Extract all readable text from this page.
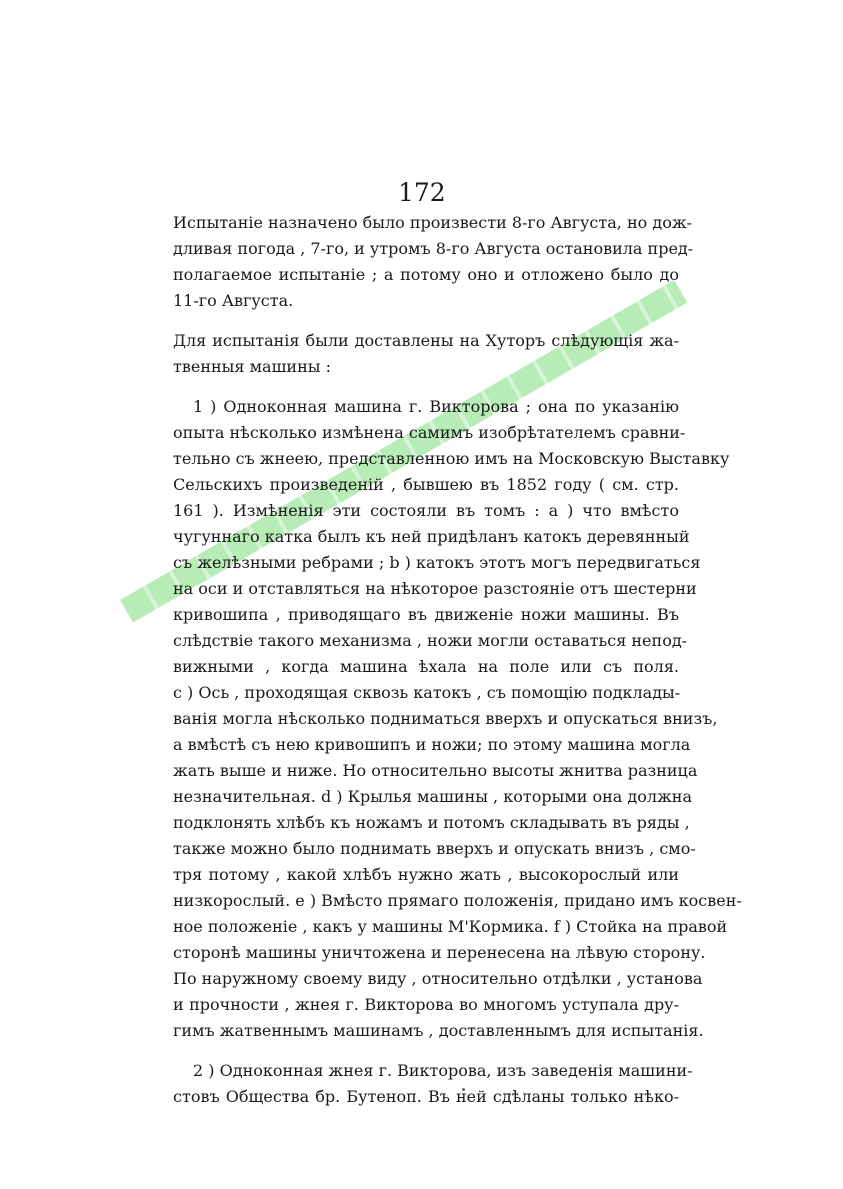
172
Испытаніе назначено было произвести 8-го Августа, но дож-
дливая погода , 7-го, и утромъ 8-го Августа остановила пред-
полагаемое испытаніе ; а потому оно и отложено было до
11-го Августа.
Для испытанія были доставлены на Хуторъ слѣдующія жа-
твенныя машины :
1 ) Одноконная машина г. Викторова ; она по указанію
опыта нѣсколько измѣнена самимъ изобрѣтателемъ сравни-
тельно съ жнеею, представленною имъ на Московскую Выставку
Сельскихъ произведеній , бывшею въ 1852 году ( см. стр.
161 ). Измѣненія эти состояли въ томъ : a ) что вмѣсто
чугуннаго катка былъ къ ней придѣланъ катокъ деревянный
съ желѣзными ребрами ; b ) катокъ этотъ могъ передвигаться
на оси и отставляться на нѣкоторое разстояніе отъ шестерни
кривошипа , приводящаго въ движеніе ножи машины. Въ
слѣдствіе такого механизма , ножи могли оставаться непод-
вижными , когда машина ѣхала на поле или съ поля.
c ) Ось , проходящая сквозь катокъ , съ помощію подклады-
ванія могла нѣсколько подниматься вверхъ и опускаться внизъ,
а вмѣстѣ съ нею кривошипъ и ножи; по этому машина могла
жать выше и ниже. Но относительно высоты жнитва разница
незначительная. d ) Крылья машины , которыми она должна
подклонять хлѣбъ къ ножамъ и потомъ складывать въ ряды ,
также можно было поднимать вверхъ и опускать внизъ , смо-
тря потому , какой хлѣбъ нужно жать , высокорослый или
низкорослый. e ) Вмѣсто прямаго положенія, придано имъ косвен-
ное положеніе , какъ у машины М'Кормика. f ) Стойка на правой
сторонѣ машины уничтожена и перенесена на лѣвую сторону.
По наружному своему виду , относительно отдѣлки , установа
и прочности , жнея г. Викторова во многомъ уступала дру-
гимъ жатвеннымъ машинамъ , доставленнымъ для испытанія.
2 ) Одноконная жнея г. Викторова, изъ заведенія машини-
стовъ Общества бр. Бутеноп. Въ ней сдѣланы только нѣко-
